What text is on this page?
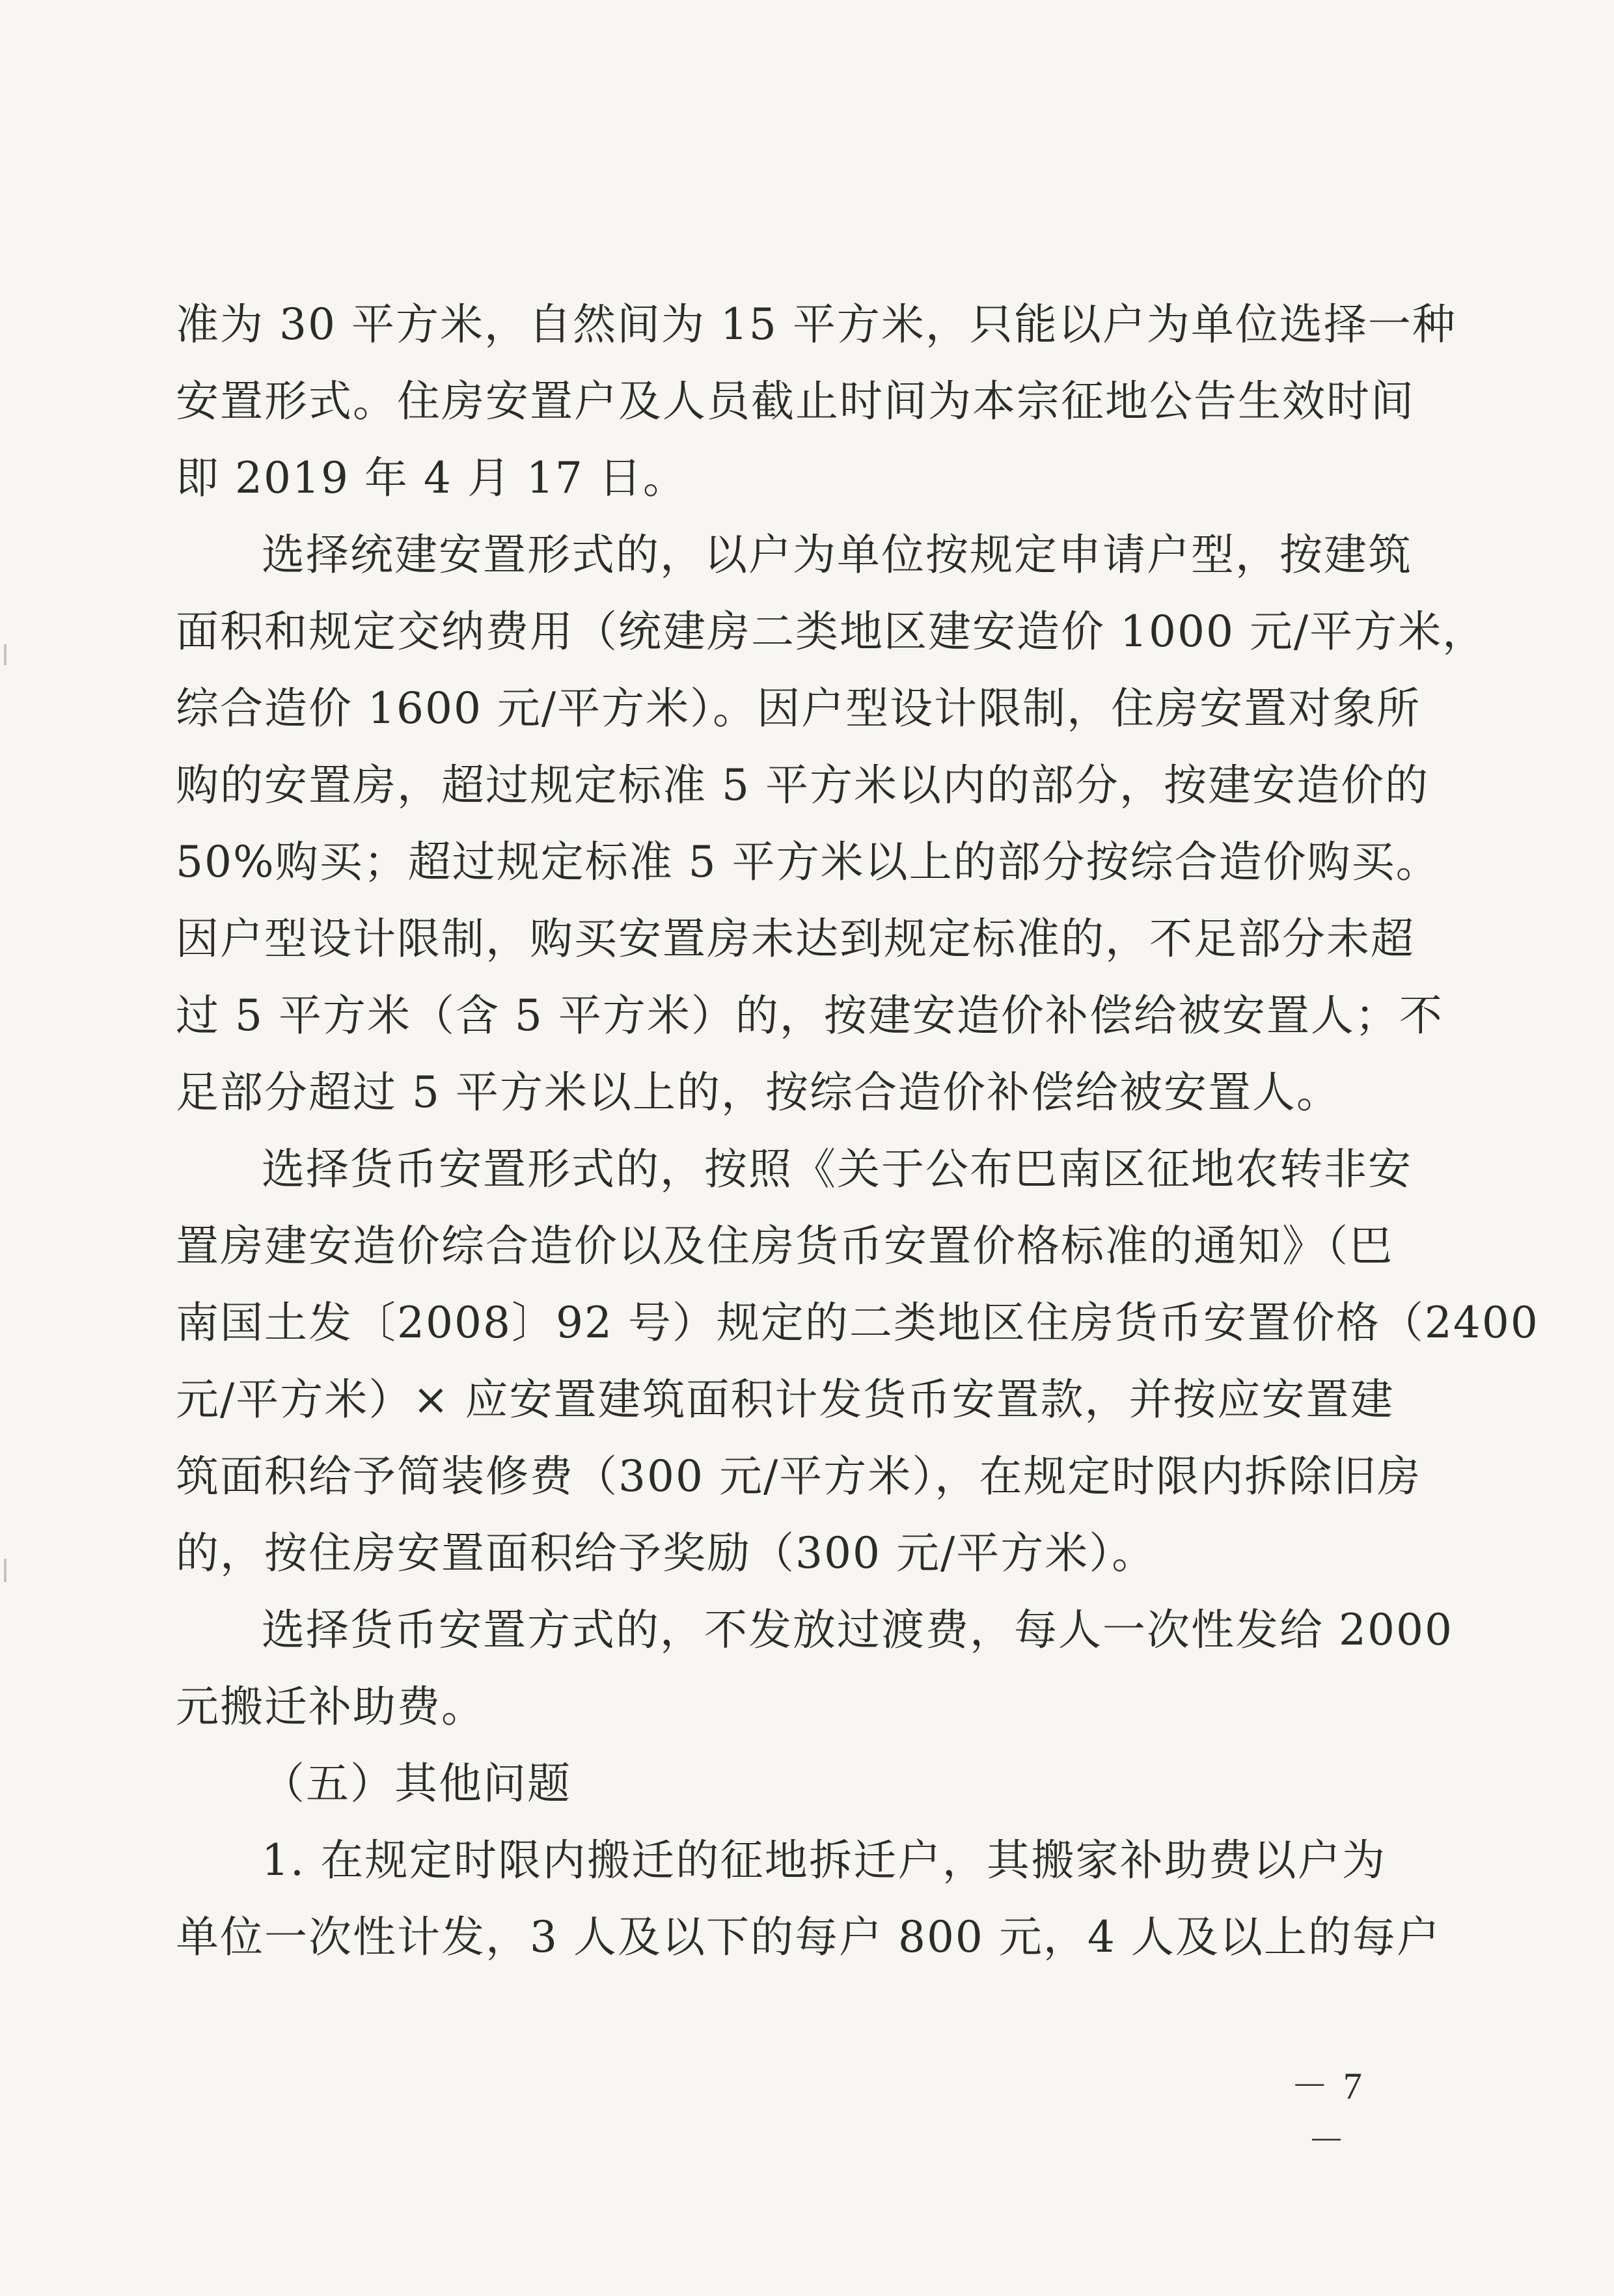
准为 30 平方米，自然间为 15 平方米，只能以户为单位选择一种
安置形式。住房安置户及人员截止时间为本宗征地公告生效时间
即 2019 年 4 月 17 日。
选择统建安置形式的，以户为单位按规定申请户型，按建筑
面积和规定交纳费用（统建房二类地区建安造价 1000 元/平方米，
综合造价 1600 元/平方米）。因户型设计限制，住房安置对象所
购的安置房，超过规定标准 5 平方米以内的部分，按建安造价的
50%购买；超过规定标准 5 平方米以上的部分按综合造价购买。
因户型设计限制，购买安置房未达到规定标准的，不足部分未超
过 5 平方米（含 5 平方米）的，按建安造价补偿给被安置人；不
足部分超过 5 平方米以上的，按综合造价补偿给被安置人。
选择货币安置形式的，按照《关于公布巴南区征地农转非安
置房建安造价综合造价以及住房货币安置价格标准的通知》（巴
南国土发〔2008〕92 号）规定的二类地区住房货币安置价格（2400
元/平方米）× 应安置建筑面积计发货币安置款，并按应安置建
筑面积给予简装修费（300 元/平方米），在规定时限内拆除旧房
的，按住房安置面积给予奖励（300 元/平方米）。
选择货币安置方式的，不发放过渡费，每人一次性发给 2000
元搬迁补助费。
（五）其他问题
1. 在规定时限内搬迁的征地拆迁户，其搬家补助费以户为
单位一次性计发，3 人及以下的每户 800 元，4 人及以上的每户
－ 7 －
